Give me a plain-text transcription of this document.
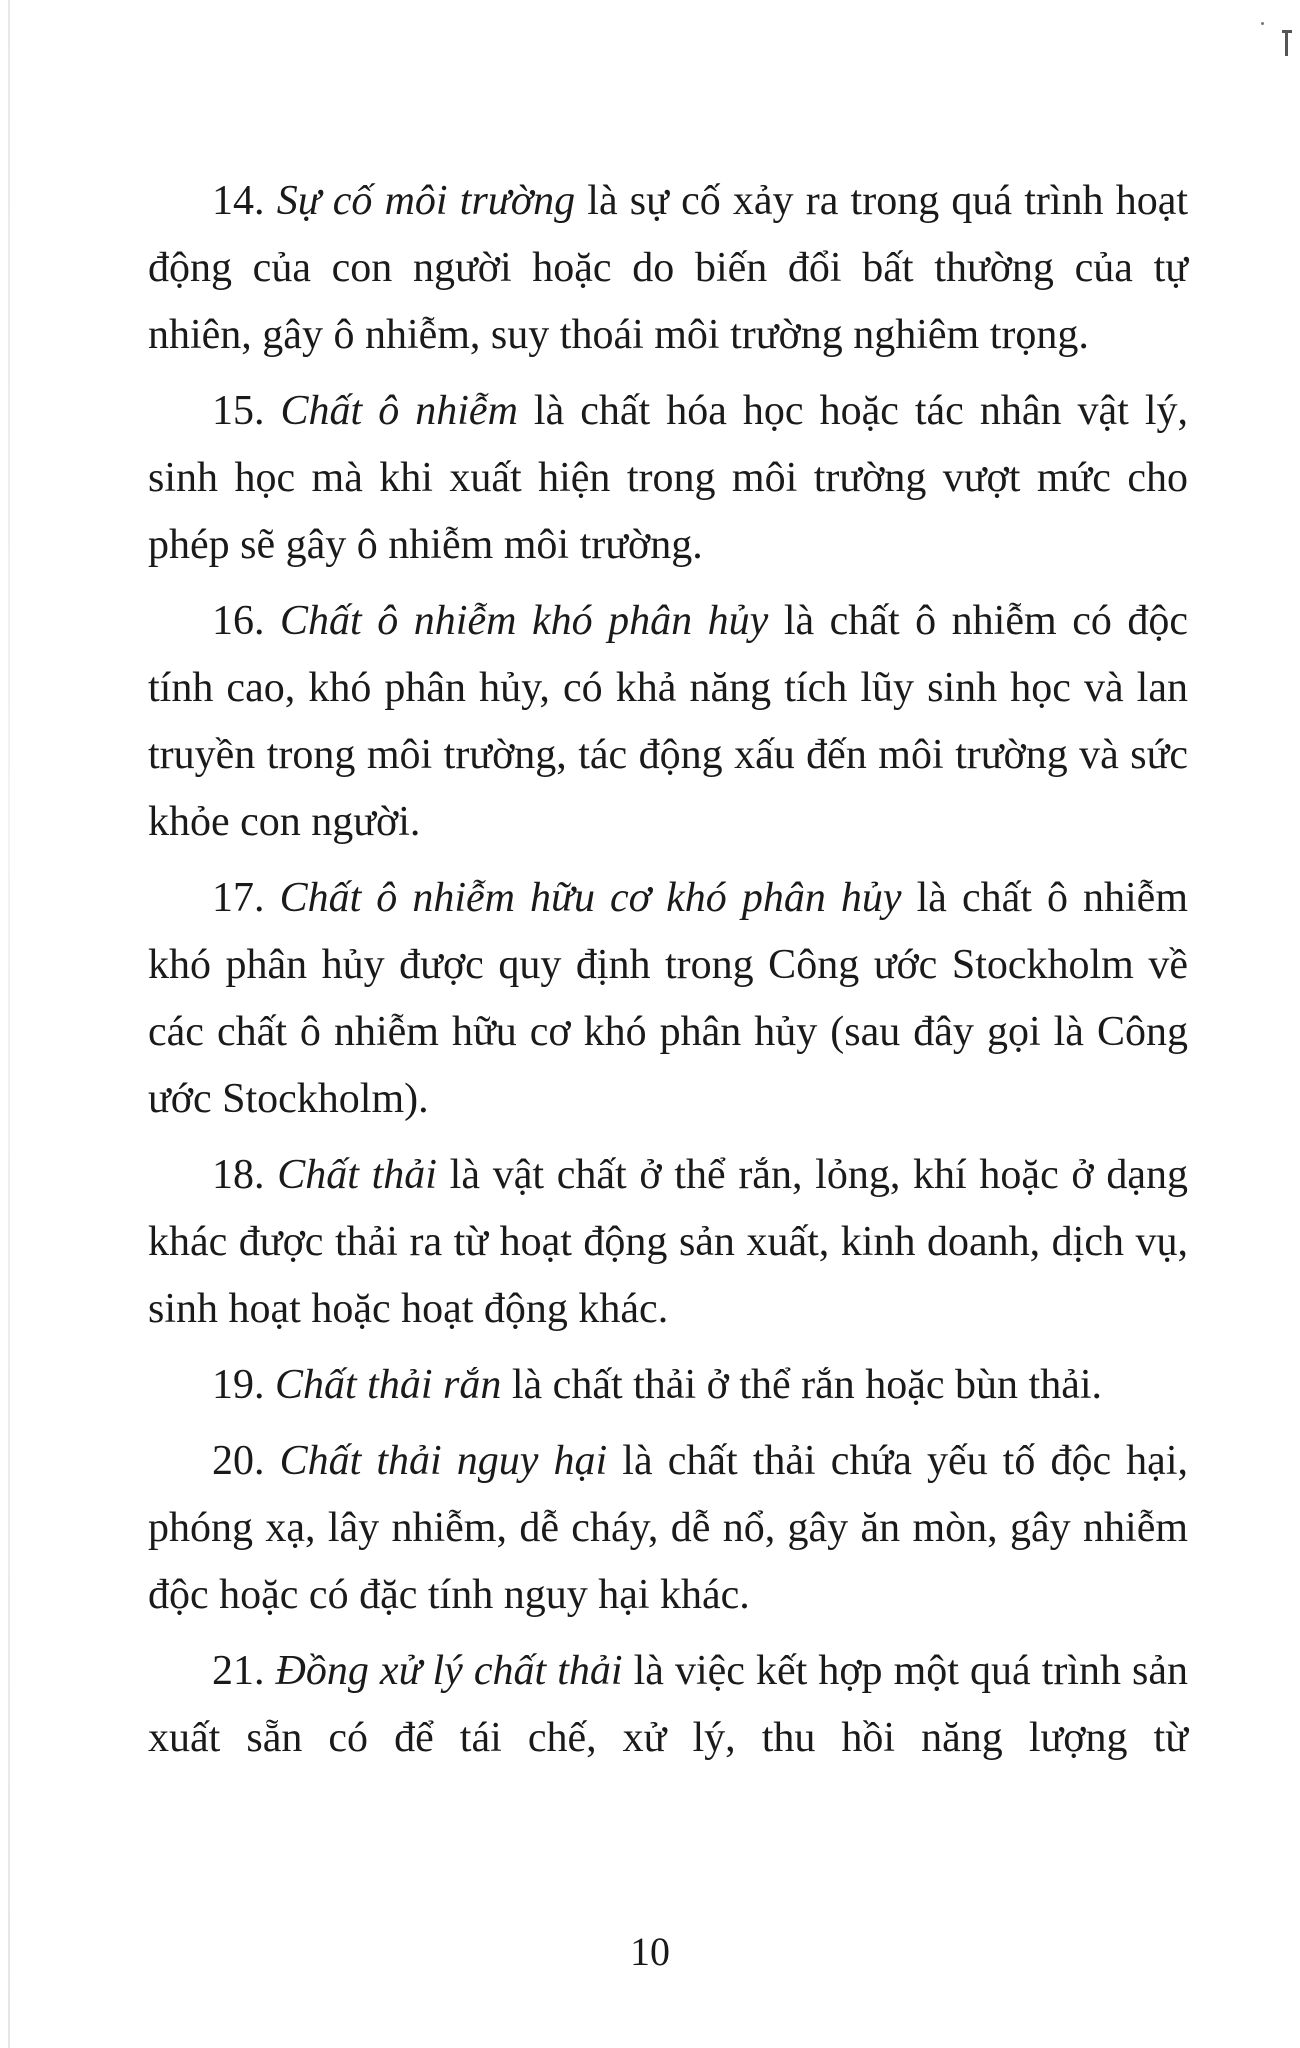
14. Sự cố môi trường là sự cố xảy ra trong quá trình hoạt động của con người hoặc do biến đổi bất thường của tự nhiên, gây ô nhiễm, suy thoái môi trường nghiêm trọng.

15. Chất ô nhiễm là chất hóa học hoặc tác nhân vật lý, sinh học mà khi xuất hiện trong môi trường vượt mức cho phép sẽ gây ô nhiễm môi trường.

16. Chất ô nhiễm khó phân hủy là chất ô nhiễm có độc tính cao, khó phân hủy, có khả năng tích lũy sinh học và lan truyền trong môi trường, tác động xấu đến môi trường và sức khỏe con người.

17. Chất ô nhiễm hữu cơ khó phân hủy là chất ô nhiễm khó phân hủy được quy định trong Công ước Stockholm về các chất ô nhiễm hữu cơ khó phân hủy (sau đây gọi là Công ước Stockholm).

18. Chất thải là vật chất ở thể rắn, lỏng, khí hoặc ở dạng khác được thải ra từ hoạt động sản xuất, kinh doanh, dịch vụ, sinh hoạt hoặc hoạt động khác.

19. Chất thải rắn là chất thải ở thể rắn hoặc bùn thải.

20. Chất thải nguy hại là chất thải chứa yếu tố độc hại, phóng xạ, lây nhiễm, dễ cháy, dễ nổ, gây ăn mòn, gây nhiễm độc hoặc có đặc tính nguy hại khác.

21. Đồng xử lý chất thải là việc kết hợp một quá trình sản xuất sẵn có để tái chế, xử lý, thu hồi năng lượng từ

10
